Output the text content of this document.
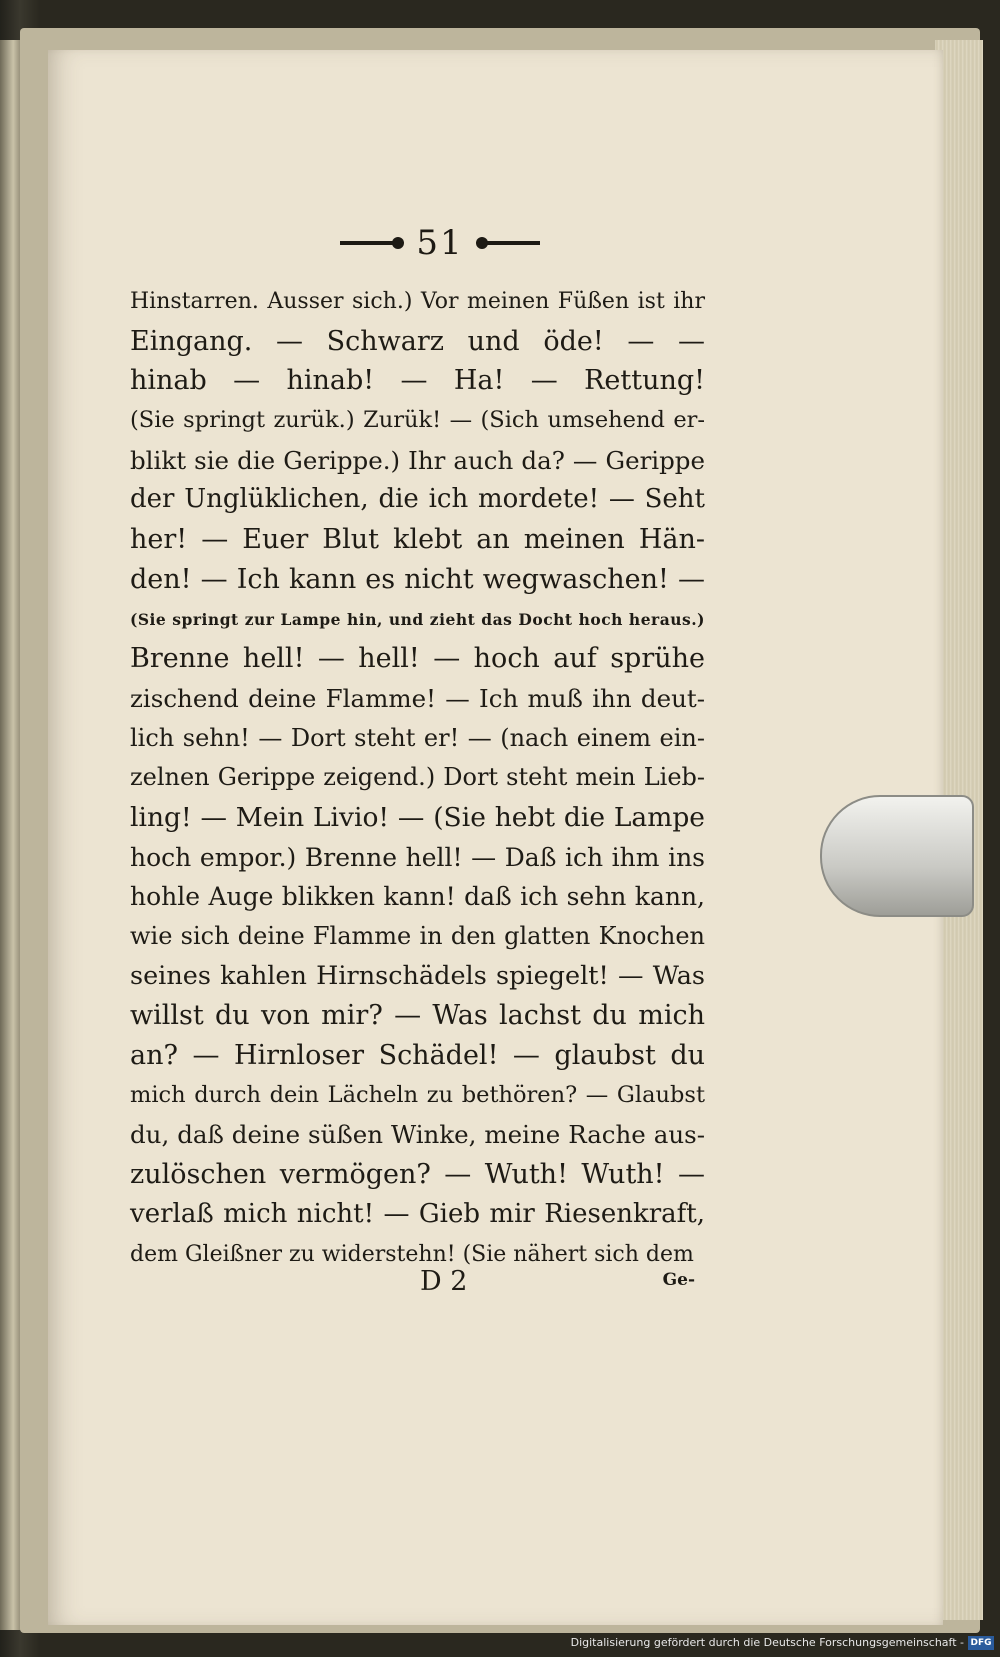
51
Hinstarren. Ausser sich.) Vor meinen Füßen ist ihr
Eingang. — Schwarz und öde! — —
hinab — hinab! — Ha! — Rettung!
(Sie springt zurük.) Zurük! — (Sich umsehend er-
blikt sie die Gerippe.) Ihr auch da? — Gerippe
der Unglüklichen, die ich mordete! — Seht
her! — Euer Blut klebt an meinen Hän-
den! — Ich kann es nicht wegwaschen! —
(Sie springt zur Lampe hin, und zieht das Docht hoch heraus.)
Brenne hell! — hell! — hoch auf sprühe
zischend deine Flamme! — Ich muß ihn deut-
lich sehn! — Dort steht er! — (nach einem ein-
zelnen Gerippe zeigend.) Dort steht mein Lieb-
ling! — Mein Livio! — (Sie hebt die Lampe
hoch empor.) Brenne hell! — Daß ich ihm ins
hohle Auge blikken kann! daß ich sehn kann,
wie sich deine Flamme in den glatten Knochen
seines kahlen Hirnschädels spiegelt! — Was
willst du von mir? — Was lachst du mich
an? — Hirnloser Schädel! — glaubst du
mich durch dein Lächeln zu bethören? — Glaubst
du, daß deine süßen Winke, meine Rache aus-
zulöschen vermögen? — Wuth! Wuth! —
verlaß mich nicht! — Gieb mir Riesenkraft,
dem Gleißner zu widerstehn! (Sie nähert sich dem
D 2	Ge-
Digitalisierung gefördert durch die Deutsche Forschungsgemeinschaft - DFG
